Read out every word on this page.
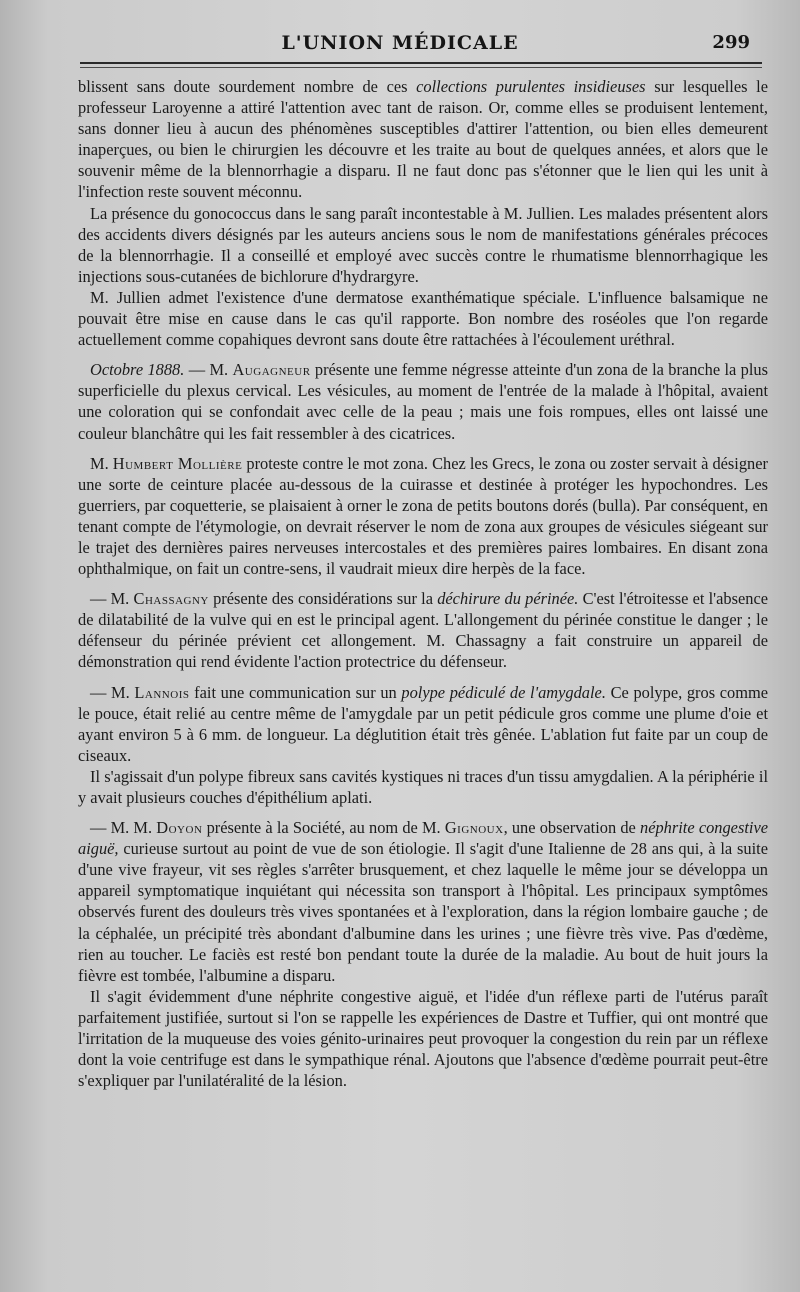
L'UNION MÉDICALE	299

blissent sans doute sourdement nombre de ces collections purulentes insidieuses sur lesquelles le professeur Laroyenne a attiré l'attention avec tant de raison. Or, comme elles se produisent lentement, sans donner lieu à aucun des phénomènes susceptibles d'attirer l'attention, ou bien elles demeurent inaperçues, ou bien le chirurgien les découvre et les traite au bout de quelques années, et alors que le souvenir même de la blennorrhagie a disparu. Il ne faut donc pas s'étonner que le lien qui les unit à l'infection reste souvent méconnu.

La présence du gonococcus dans le sang paraît incontestable à M. Jullien. Les malades présentent alors des accidents divers désignés par les auteurs anciens sous le nom de manifestations générales précoces de la blennorrhagie. Il a conseillé et employé avec succès contre le rhumatisme blennorrhagique les injections sous-cutanées de bichlorure d'hydrargyre.

M. Jullien admet l'existence d'une dermatose exanthématique spéciale. L'influence balsamique ne pouvait être mise en cause dans le cas qu'il rapporte. Bon nombre des roséoles que l'on regarde actuellement comme copahiques devront sans doute être rattachées à l'écoulement uréthral.

Octobre 1888. — M. Augagneur présente une femme négresse atteinte d'un zona de la branche la plus superficielle du plexus cervical. Les vésicules, au moment de l'entrée de la malade à l'hôpital, avaient une coloration qui se confondait avec celle de la peau ; mais une fois rompues, elles ont laissé une couleur blanchâtre qui les fait ressembler à des cicatrices.

M. Humbert Mollière proteste contre le mot zona. Chez les Grecs, le zona ou zoster servait à désigner une sorte de ceinture placée au-dessous de la cuirasse et destinée à protéger les hypochondres. Les guerriers, par coquetterie, se plaisaient à orner le zona de petits boutons dorés (bulla). Par conséquent, en tenant compte de l'étymologie, on devrait réserver le nom de zona aux groupes de vésicules siégeant sur le trajet des dernières paires nerveuses intercostales et des premières paires lombaires. En disant zona ophthalmique, on fait un contre-sens, il vaudrait mieux dire herpès de la face.

— M. Chassagny présente des considérations sur la déchirure du périnée. C'est l'étroitesse et l'absence de dilatabilité de la vulve qui en est le principal agent. L'allongement du périnée constitue le danger ; le défenseur du périnée prévient cet allongement. M. Chassagny a fait construire un appareil de démonstration qui rend évidente l'action protectrice du défenseur.

— M. Lannois fait une communication sur un polype pédiculé de l'amygdale. Ce polype, gros comme le pouce, était relié au centre même de l'amygdale par un petit pédicule gros comme une plume d'oie et ayant environ 5 à 6 mm. de longueur. La déglutition était très gênée. L'ablation fut faite par un coup de ciseaux.

Il s'agissait d'un polype fibreux sans cavités kystiques ni traces d'un tissu amygdalien. A la périphérie il y avait plusieurs couches d'épithélium aplati.

— M. M. Doyon présente à la Société, au nom de M. Gignoux, une observation de néphrite congestive aiguë, curieuse surtout au point de vue de son étiologie. Il s'agit d'une Italienne de 28 ans qui, à la suite d'une vive frayeur, vit ses règles s'arrêter brusquement, et chez laquelle le même jour se développa un appareil symptomatique inquiétant qui nécessita son transport à l'hôpital. Les principaux symptômes observés furent des douleurs très vives spontanées et à l'exploration, dans la région lombaire gauche ; de la céphalée, un précipité très abondant d'albumine dans les urines ; une fièvre très vive. Pas d'œdème, rien au toucher. Le faciès est resté bon pendant toute la durée de la maladie. Au bout de huit jours la fièvre est tombée, l'albumine a disparu.

Il s'agit évidemment d'une néphrite congestive aiguë, et l'idée d'un réflexe parti de l'utérus paraît parfaitement justifiée, surtout si l'on se rappelle les expériences de Dastre et Tuffier, qui ont montré que l'irritation de la muqueuse des voies génito-urinaires peut provoquer la congestion du rein par un réflexe dont la voie centrifuge est dans le sympathique rénal. Ajoutons que l'absence d'œdème pourrait peut-être s'expliquer par l'unilatéralité de la lésion.
